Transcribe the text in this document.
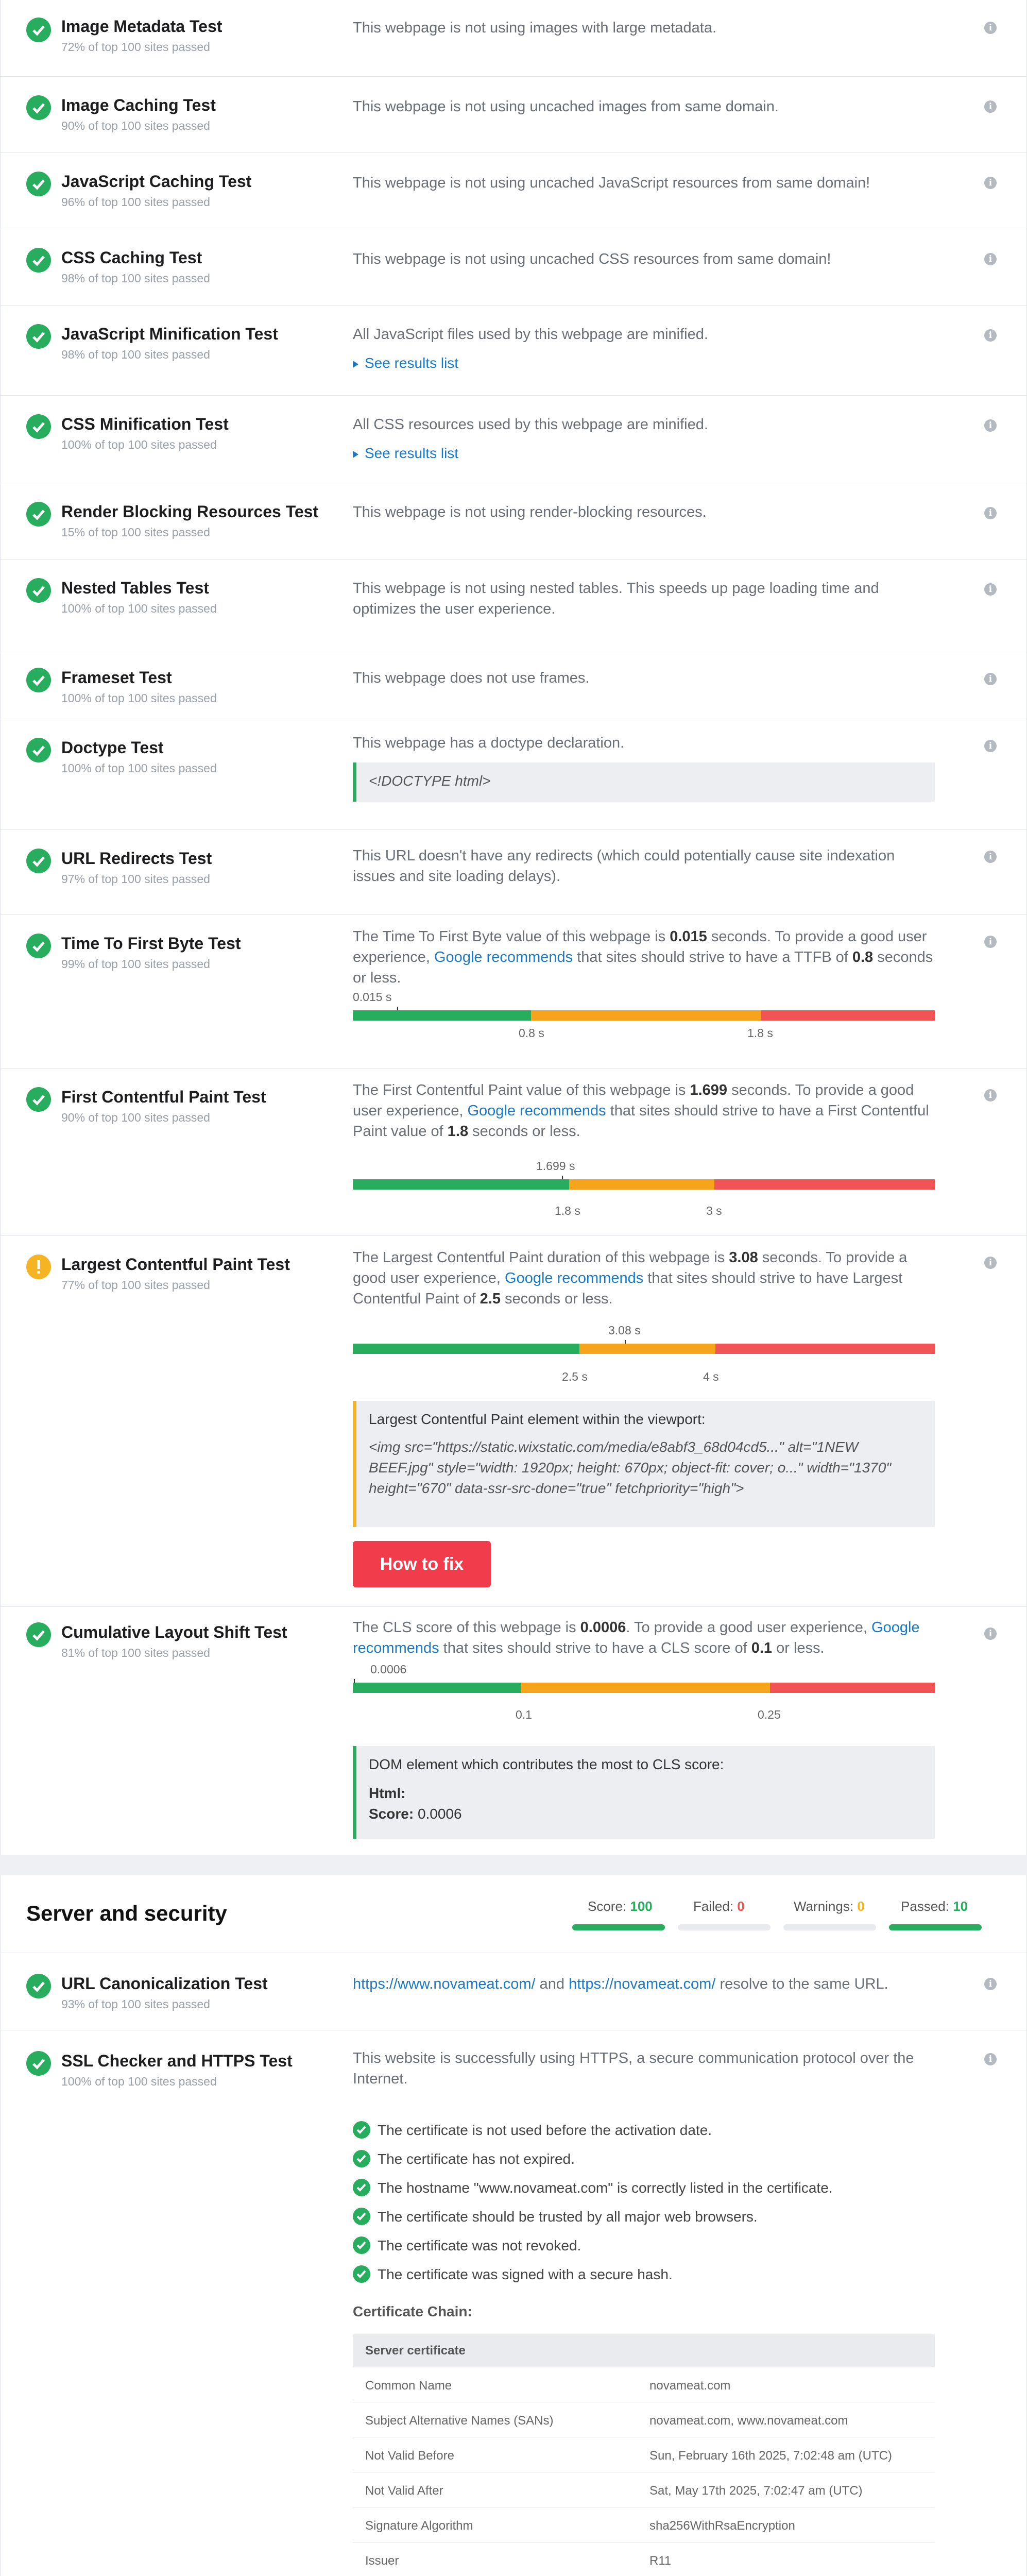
Image Metadata Test
72% of top 100 sites passed
This webpage is not using images with large metadata.
i
Image Caching Test
90% of top 100 sites passed
This webpage is not using uncached images from same domain.
i
JavaScript Caching Test
96% of top 100 sites passed
This webpage is not using uncached JavaScript resources from same domain!
i
CSS Caching Test
98% of top 100 sites passed
This webpage is not using uncached CSS resources from same domain!
i
JavaScript Minification Test
98% of top 100 sites passed
All JavaScript files used by this webpage are minified.
See results list
i
CSS Minification Test
100% of top 100 sites passed
All CSS resources used by this webpage are minified.
See results list
i
Render Blocking Resources Test
15% of top 100 sites passed
This webpage is not using render-blocking resources.
i
Nested Tables Test
100% of top 100 sites passed
This webpage is not using nested tables. This speeds up page loading time and optimizes the user experience.
i
Frameset Test
100% of top 100 sites passed
This webpage does not use frames.
i
Doctype Test
100% of top 100 sites passed
This webpage has a doctype declaration.
<!DOCTYPE html>
i
URL Redirects Test
97% of top 100 sites passed
This URL doesn't have any redirects (which could potentially cause site indexation issues and site loading delays).
i
Time To First Byte Test
99% of top 100 sites passed
The Time To First Byte value of this webpage is 0.015 seconds. To provide a good user experience, Google recommends that sites should strive to have a TTFB of 0.8 seconds or less.
0.015 s
0.8 s	1.8 s
i
First Contentful Paint Test
90% of top 100 sites passed
The First Contentful Paint value of this webpage is 1.699 seconds. To provide a good user experience, Google recommends that sites should strive to have a First Contentful Paint value of 1.8 seconds or less.
1.699 s
1.8 s	3 s
i
Largest Contentful Paint Test
77% of top 100 sites passed
The Largest Contentful Paint duration of this webpage is 3.08 seconds. To provide a good user experience, Google recommends that sites should strive to have Largest Contentful Paint of 2.5 seconds or less.
3.08 s
2.5 s	4 s
Largest Contentful Paint element within the viewport:
<img src="https://static.wixstatic.com/media/e8abf3_68d04cd5..." alt="1NEW BEEF.jpg" style="width: 1920px; height: 670px; object-fit: cover; o..." width="1370" height="670" data-ssr-src-done="true" fetchpriority="high">
How to fix
i
Cumulative Layout Shift Test
81% of top 100 sites passed
The CLS score of this webpage is 0.0006. To provide a good user experience, Google recommends that sites should strive to have a CLS score of 0.1 or less.
0.0006
0.1	0.25
DOM element which contributes the most to CLS score:
Html:
Score: 0.0006
i
Server and security	Score: 100	Failed: 0	Warnings: 0	Passed: 10
URL Canonicalization Test
93% of top 100 sites passed
https://www.novameat.com/ and https://novameat.com/ resolve to the same URL.
i
SSL Checker and HTTPS Test
100% of top 100 sites passed
This website is successfully using HTTPS, a secure communication protocol over the Internet.
i
The certificate is not used before the activation date.
The certificate has not expired.
The hostname "www.novameat.com" is correctly listed in the certificate.
The certificate should be trusted by all major web browsers.
The certificate was not revoked.
The certificate was signed with a secure hash.
Certificate Chain:
Server certificate
Common Name	novameat.com
Subject Alternative Names (SANs)	novameat.com, www.novameat.com
Not Valid Before	Sun, February 16th 2025, 7:02:48 am (UTC)
Not Valid After	Sat, May 17th 2025, 7:02:47 am (UTC)
Signature Algorithm	sha256WithRsaEncryption
Issuer	R11
